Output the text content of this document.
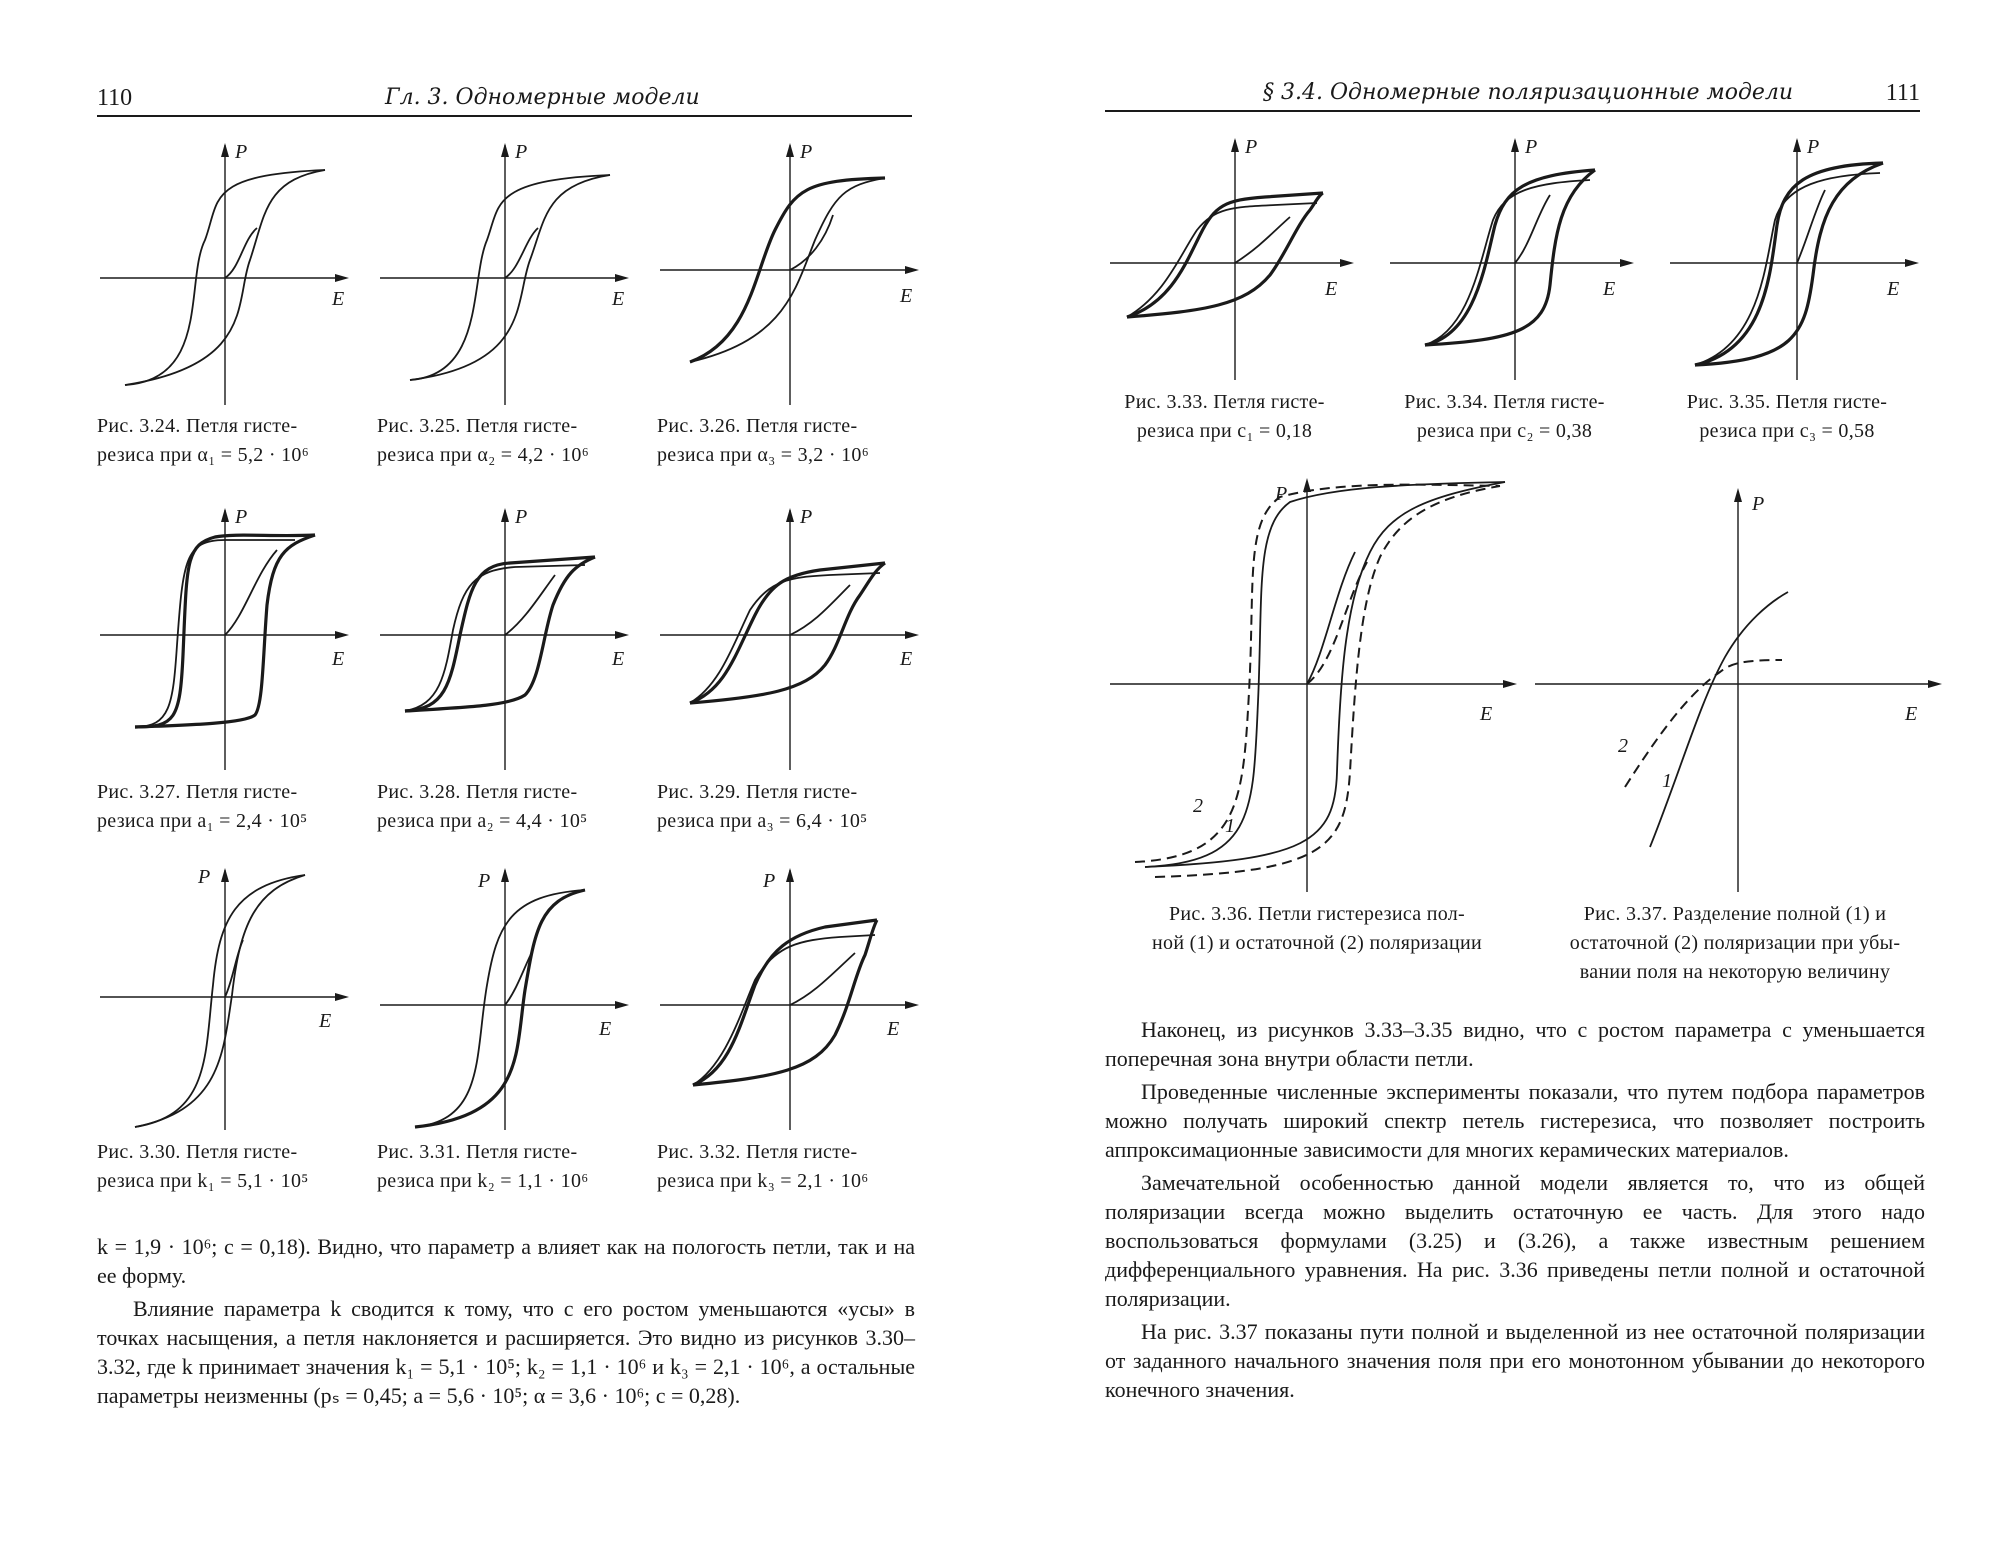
110	Гл. 3. Одномерные модели
P
E
Рис. 3.24. Петля гисте-
резиса при α₁ = 5,2 · 10⁶
P
E
Рис. 3.25. Петля гисте-
резиса при α₂ = 4,2 · 10⁶
P
E
Рис. 3.26. Петля гисте-
резиса при α₃ = 3,2 · 10⁶
P
E
Рис. 3.27. Петля гисте-
резиса при a₁ = 2,4 · 10⁵
P
E
Рис. 3.28. Петля гисте-
резиса при a₂ = 4,4 · 10⁵
P
E
Рис. 3.29. Петля гисте-
резиса при a₃ = 6,4 · 10⁵
P
E
Рис. 3.30. Петля гисте-
резиса при k₁ = 5,1 · 10⁵
P
E
Рис. 3.31. Петля гисте-
резиса при k₂ = 1,1 · 10⁶
P
E
Рис. 3.32. Петля гисте-
резиса при k₃ = 2,1 · 10⁶

k = 1,9 · 10⁶; c = 0,18). Видно, что параметр a влияет как на пологость петли, так и на ее форму.

Влияние параметра k сводится к тому, что с его ростом уменьшаются «усы» в точках насыщения, а петля наклоняется и расширяется. Это видно из рисунков 3.30–3.32, где k принимает значения k₁ = 5,1 · 10⁵; k₂ = 1,1 · 10⁶ и k₃ = 2,1 · 10⁶, а остальные параметры неизменны (pₛ = 0,45; a = 5,6 · 10⁵; α = 3,6 · 10⁶; c = 0,28).

§ 3.4. Одномерные поляризационные модели	111
P
E
Рис. 3.33. Петля гисте-
резиса при c₁ = 0,18
P
E
Рис. 3.34. Петля гисте-
резиса при c₂ = 0,38
P
E
Рис. 3.35. Петля гисте-
резиса при c₃ = 0,58
P
E
2
1
Рис. 3.36. Петли гистерезиса пол-
ной (1) и остаточной (2) поляризации
P
E
2
1
Рис. 3.37. Разделение полной (1) и
остаточной (2) поляризации при убы-
вании поля на некоторую величину

Наконец, из рисунков 3.33–3.35 видно, что с ростом параметра c уменьшается поперечная зона внутри области петли.

Проведенные численные эксперименты показали, что путем подбора параметров можно получать широкий спектр петель гистерезиса, что позволяет построить аппроксимационные зависимости для многих керамических материалов.

Замечательной особенностью данной модели является то, что из общей поляризации всегда можно выделить остаточную ее часть. Для этого надо воспользоваться формулами (3.25) и (3.26), а также известным решением дифференциального уравнения. На рис. 3.36 приведены петли полной и остаточной поляризации.

На рис. 3.37 показаны пути полной и выделенной из нее остаточной поляризации от заданного начального значения поля при его монотонном убывании до некоторого конечного значения.
